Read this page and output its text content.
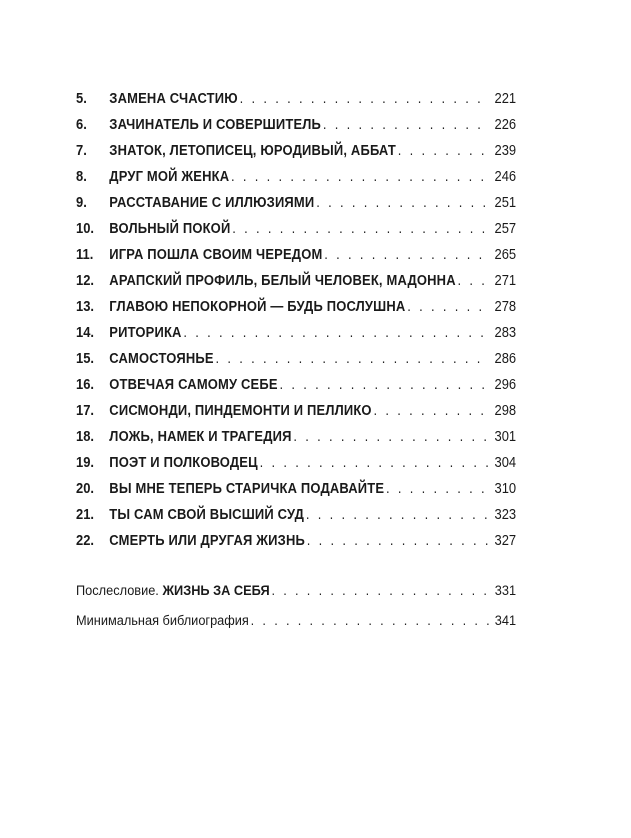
5.	ЗАМЕНА СЧАСТИЮ . . .	221
6.	ЗАЧИНАТЕЛЬ И СОВЕРШИТЕЛЬ . . .	226
7.	ЗНАТОК, ЛЕТОПИСЕЦ, ЮРОДИВЫЙ, АББАТ . . .	239
8.	ДРУГ МОЙ ЖЕНКА . . .	246
9.	РАССТАВАНИЕ С ИЛЛЮЗИЯМИ . . .	251
10.	ВОЛЬНЫЙ ПОКОЙ . . .	257
11.	ИГРА ПОШЛА СВОИМ ЧЕРЕДОМ . . .	265
12.	АРАПСКИЙ ПРОФИЛЬ, БЕЛЫЙ ЧЕЛОВЕК, МАДОННА . . .	271
13.	ГЛАВОЮ НЕПОКОРНОЙ — БУДЬ ПОСЛУШНА . . .	278
14.	РИТОРИКА . . .	283
15.	САМОСТОЯНЬЕ . . .	286
16.	ОТВЕЧАЯ САМОМУ СЕБЕ . . .	296
17.	СИСМОНДИ, ПИНДЕМОНТИ И ПЕЛЛИКО . . .	298
18.	ЛОЖЬ, НАМЕК И ТРАГЕДИЯ . . .	301
19.	ПОЭТ И ПОЛКОВОДЕЦ . . .	304
20.	ВЫ МНЕ ТЕПЕРЬ СТАРИЧКА ПОДАВАЙТЕ . . .	310
21.	ТЫ САМ СВОЙ ВЫСШИЙ СУД . . .	323
22.	СМЕРТЬ ИЛИ ДРУГАЯ ЖИЗНЬ . . .	327
Послесловие. ЖИЗНЬ ЗА СЕБЯ . . .	331
Минимальная библиография . . .	341
